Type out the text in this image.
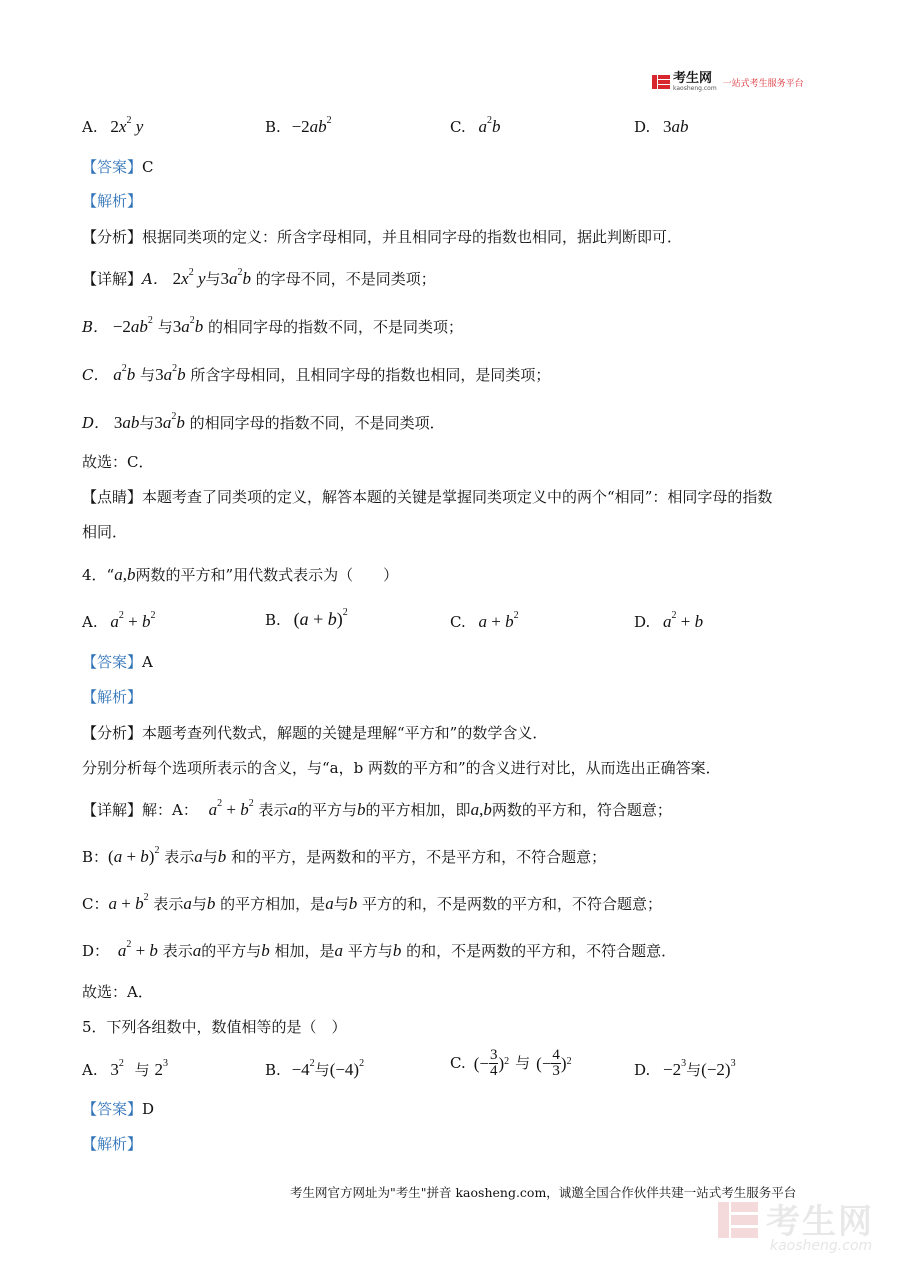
考生网
kaosheng.com 一站式考生服务平台
A. $2x^2$ y	B. $-2ab^2$	C. $a^2b$	D. 3ab
【答案】C
【解析】
【分析】根据同类项的定义：所含字母相同，并且相同字母的指数也相同，据此判断即可．
【详解】A． $2x^2$ y与$3a^2b$ 的字母不同，不是同类项；
B． $-2ab^2$ 与$3a^2b$ 的相同字母的指数不同，不是同类项；
C． $a^2b$ 与$3a^2b$ 所含字母相同，且相同字母的指数也相同，是同类项；
D． 3ab与$3a^2b$ 的相同字母的指数不同，不是同类项．
故选：C．
【点睛】本题考查了同类项的定义，解答本题的关键是掌握同类项定义中的两个“相同”：相同字母的指数
相同．
4．“a,b两数的平方和”用代数式表示为（　　）
A. $a^2 + b^2$	B. $(a + b)^2$
C. $a + b^2$	D. $a^2 + b$
【答案】A
【解析】
【分析】本题考查列代数式，解题的关键是理解“平方和”的数学含义．
分别分析每个选项所表示的含义，与“a，b 两数的平方和”的含义进行对比，从而选出正确答案．
【详解】解：A： $a^2 + b^2$ 表示a的平方与b的平方相加，即a,b两数的平方和，符合题意；
B：$(a + b)^2$ 表示a与b 和的平方，是两数和的平方，不是平方和，不符合题意；
C：$a + b^2$ 表示a与b 的平方相加，是a与b 平方的和，不是两数的平方和，不符合题意；
D： $a^2 + b$ 表示a的平方与b 相加，是a 平方与b 的和，不是两数的平方和，不符合题意．
故选：A．
5．下列各组数中，数值相等的是（　）
A. $3^2$ 与 $2^3$	B. $-4^2$与$(-4)^2$	C. (− $\frac{3}{4} )^2$ 与 (− $\frac{4}{3} )^2$	D. $-2^3$与$(-2)^3$
【答案】D
【解析】
考生网官方网址为"考生"拼音 kaosheng.com，诚邀全国合作伙伴共建一站式考生服务平台
考生网
kaosheng.com
